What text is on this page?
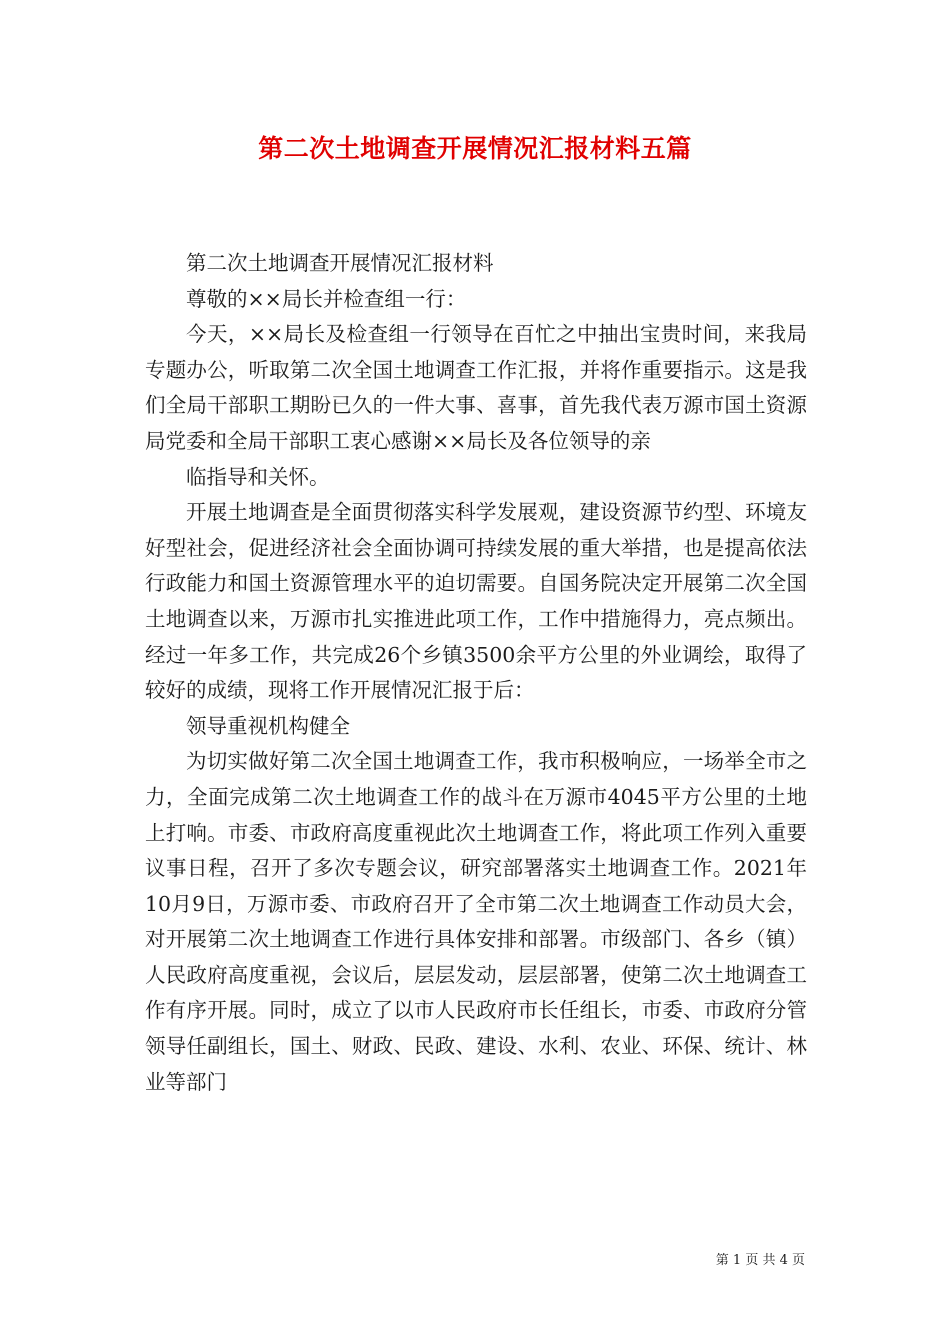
第二次土地调查开展情况汇报材料五篇

第二次土地调查开展情况汇报材料

尊敬的××局长并检查组一行：

今天，××局长及检查组一行领导在百忙之中抽出宝贵时间，来我局专题办公，听取第二次全国土地调查工作汇报，并将作重要指示。这是我们全局干部职工期盼已久的一件大事、喜事，首先我代表万源市国土资源局党委和全局干部职工衷心感谢××局长及各位领导的亲

临指导和关怀。

开展土地调查是全面贯彻落实科学发展观，建设资源节约型、环境友好型社会，促进经济社会全面协调可持续发展的重大举措，也是提高依法行政能力和国土资源管理水平的迫切需要。自国务院决定开展第二次全国土地调查以来，万源市扎实推进此项工作，工作中措施得力，亮点频出。经过一年多工作，共完成26个乡镇3500余平方公里的外业调绘，取得了较好的成绩，现将工作开展情况汇报于后：

领导重视机构健全

为切实做好第二次全国土地调查工作，我市积极响应，一场举全市之力，全面完成第二次土地调查工作的战斗在万源市4045平方公里的土地上打响。市委、市政府高度重视此次土地调查工作，将此项工作列入重要议事日程，召开了多次专题会议，研究部署落实土地调查工作。2021年10月9日，万源市委、市政府召开了全市第二次土地调查工作动员大会，对开展第二次土地调查工作进行具体安排和部署。市级部门、各乡（镇）人民政府高度重视，会议后，层层发动，层层部署，使第二次土地调查工作有序开展。同时，成立了以市人民政府市长任组长，市委、市政府分管领导任副组长，国土、财政、民政、建设、水利、农业、环保、统计、林业等部门

第 1 页 共 4 页
